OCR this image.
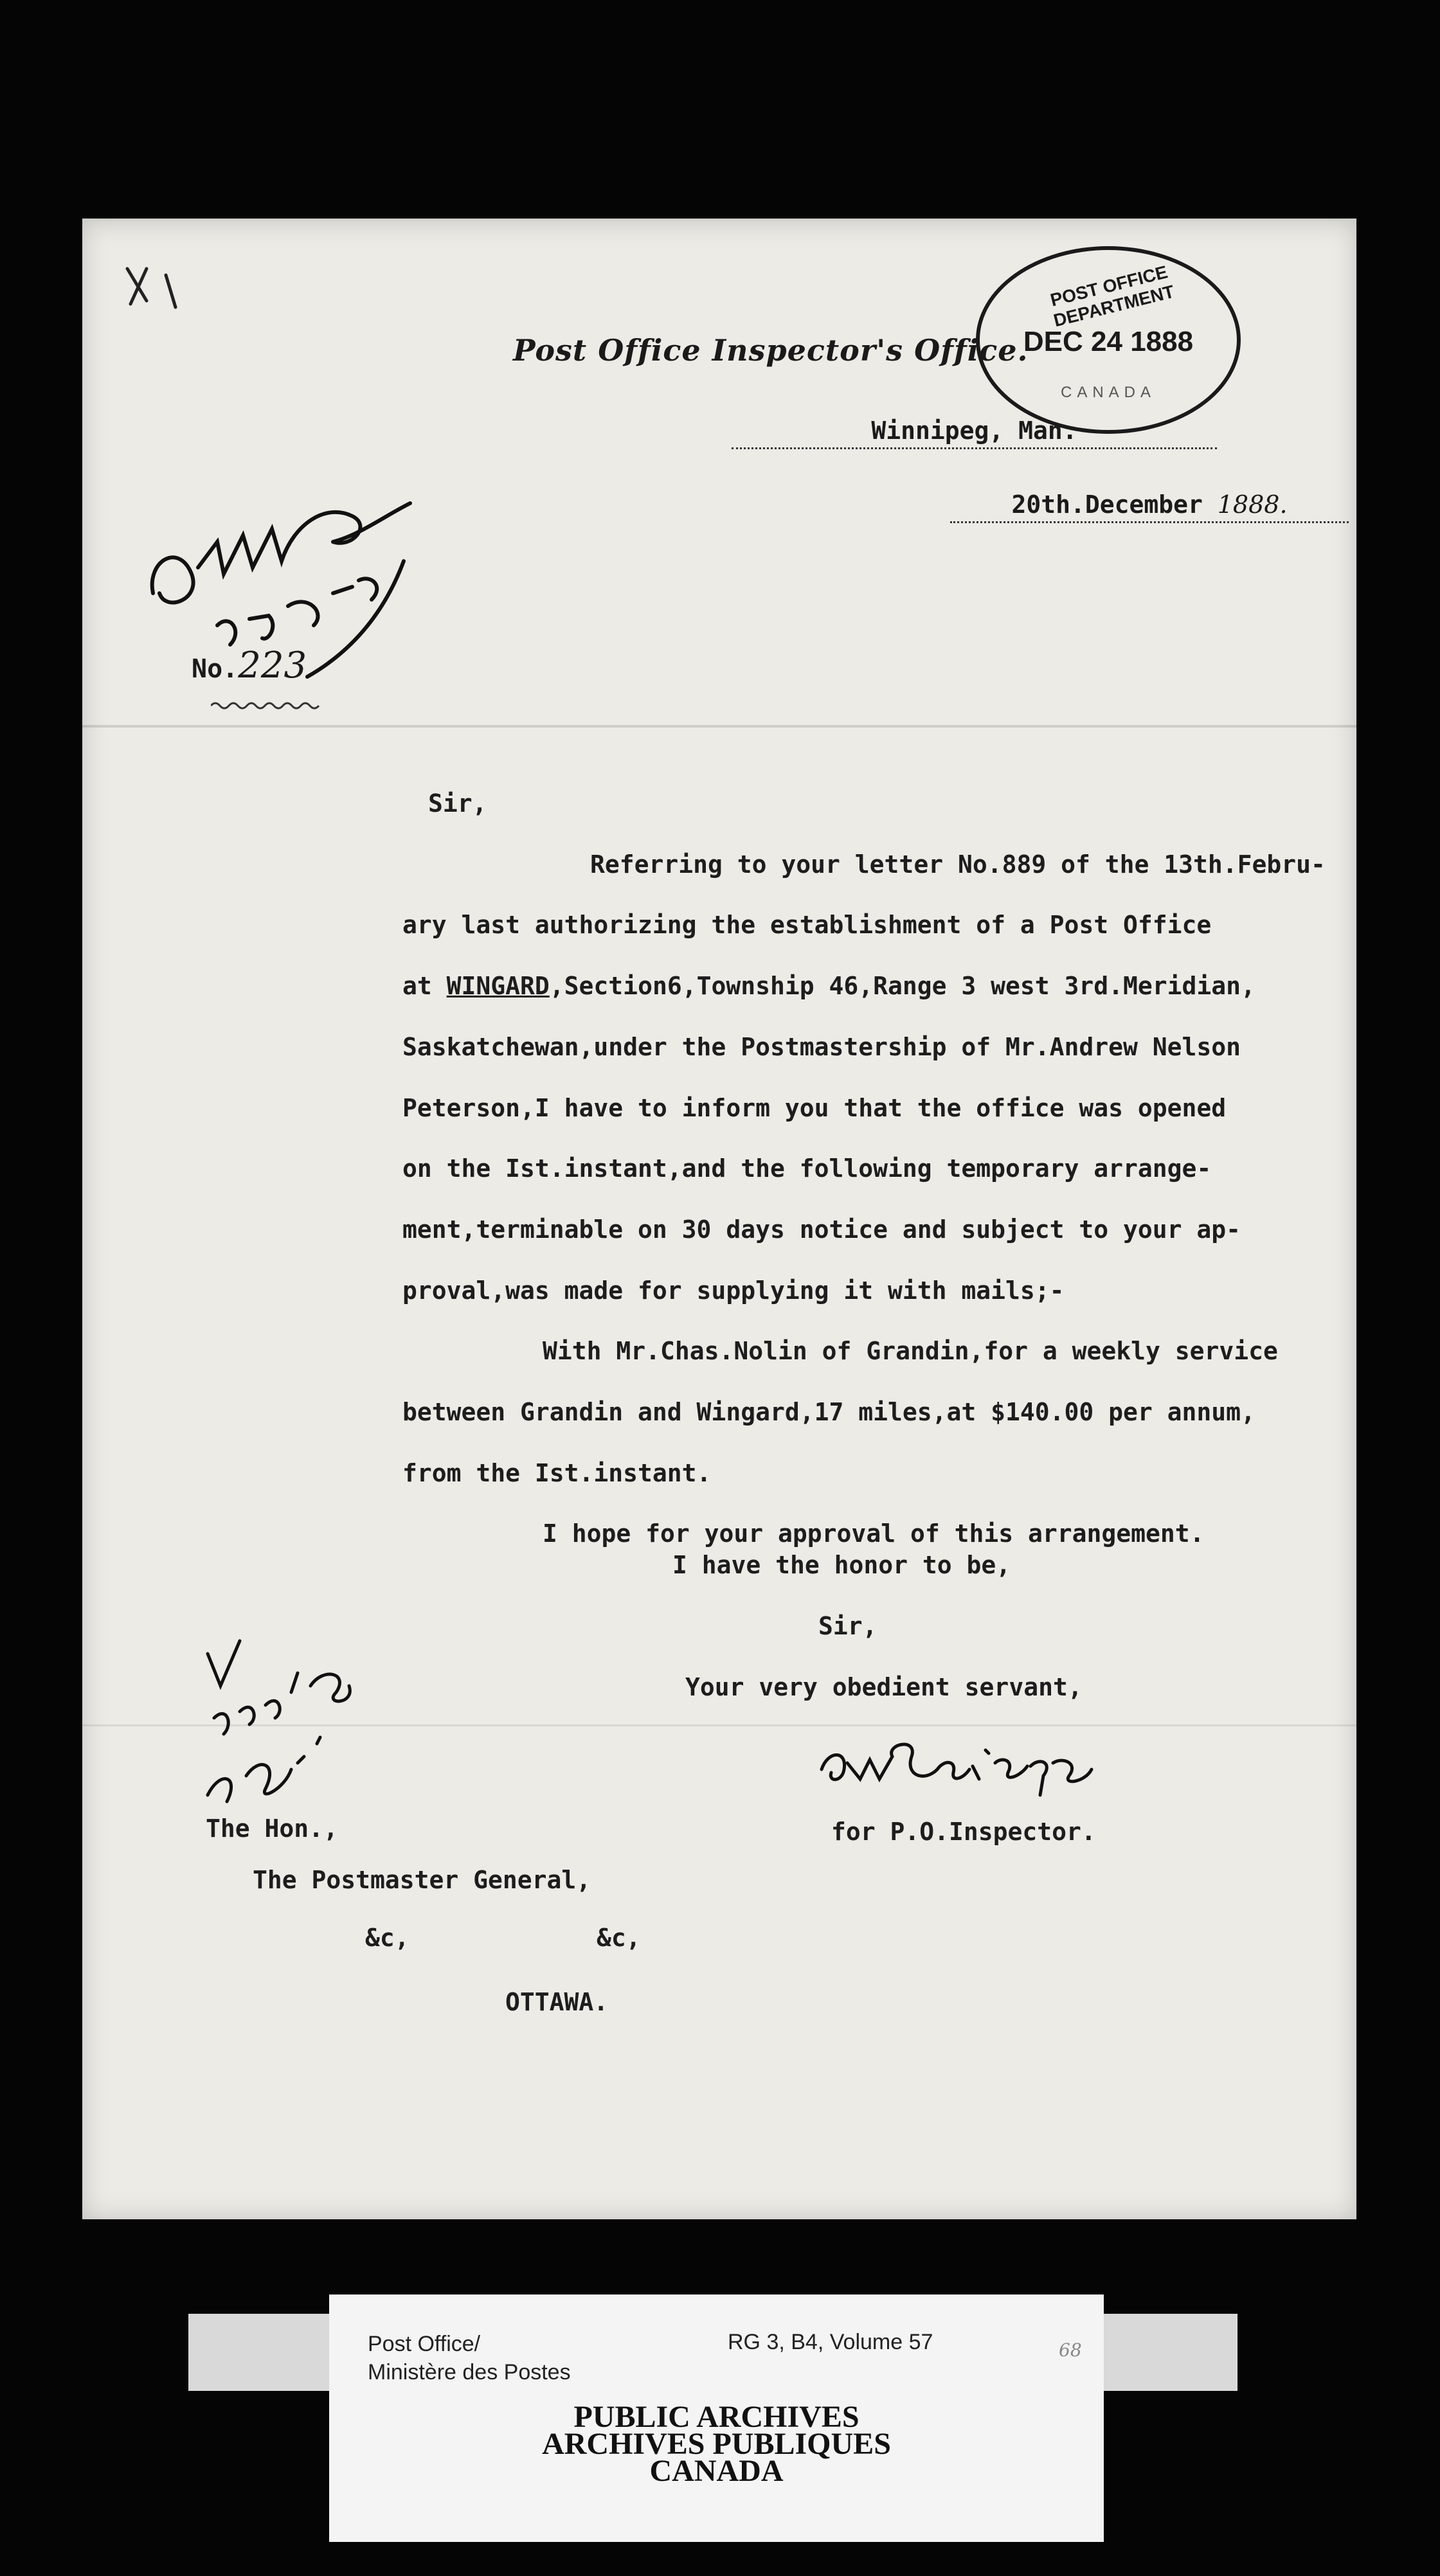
Post Office Inspector's Office.
Winnipeg, Man.
20th.December 1888.
POST OFFICE DEPARTMENT
DEC 24 1888
CANADA
No.223

Sir,

Referring to your letter No.889 of the 13th.Febru-

ary last authorizing the establishment of a Post Office

at WINGARD,Section6,Township 46,Range 3 west 3rd.Meridian,

Saskatchewan,under the Postmastership of Mr.Andrew Nelson

Peterson,I have to inform you that the office was opened

on the Ist.instant,and the following temporary arrange-

ment,terminable on 30 days notice and subject to your ap-

proval,was made for supplying it with mails;-

With Mr.Chas.Nolin of Grandin,for a weekly service

between Grandin and Wingard,17 miles,at $140.00 per annum,

from the Ist.instant.

I hope for your approval of this arrangement.

I have the honor to be,
Sir,
Your very obedient servant,
for P.O.Inspector.
The Hon.,
The Postmaster General,
&c,	&c,
OTTAWA.
Post Office/
Ministère des Postes
RG 3, B4, Volume 57	68
PUBLIC ARCHIVES
ARCHIVES PUBLIQUES
CANADA
